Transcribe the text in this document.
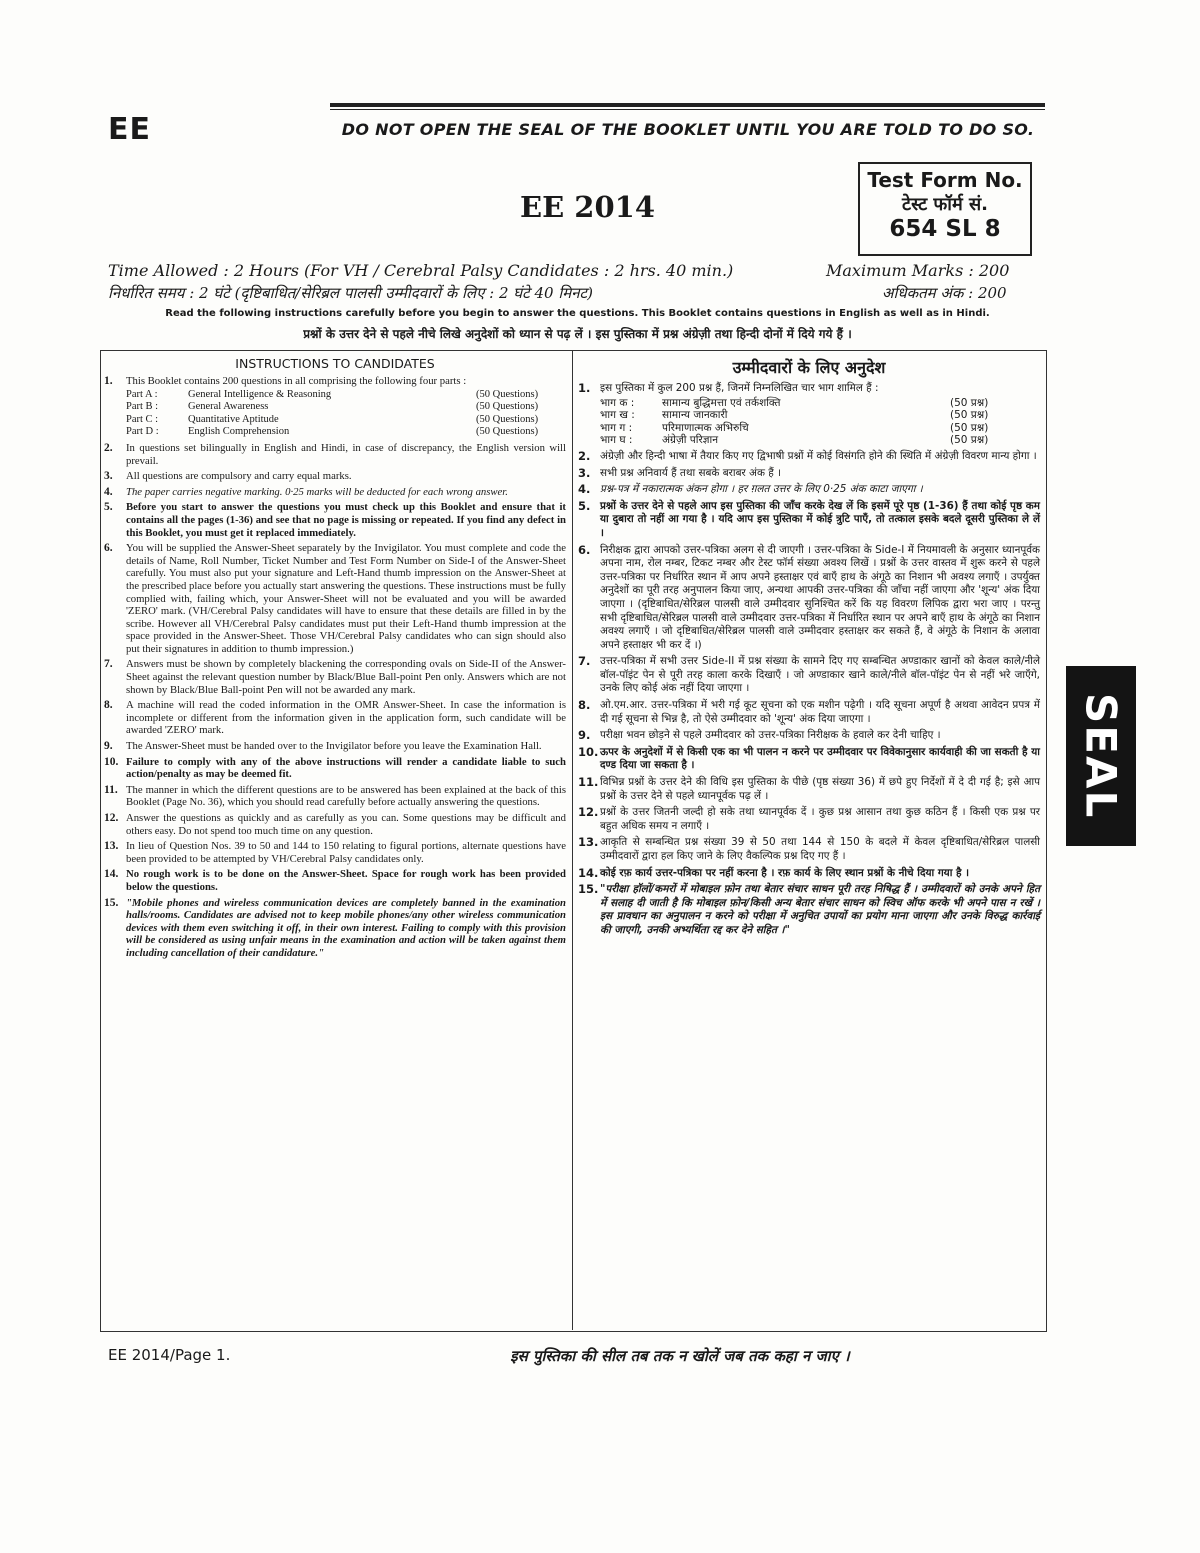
EE	DO NOT OPEN THE SEAL OF THE BOOKLET UNTIL YOU ARE TOLD TO DO SO.
EE 2014
Test Form No.
टेस्ट फॉर्म सं.
654 SL 8
Time Allowed : 2 Hours (For VH / Cerebral Palsy Candidates : 2 hrs. 40 min.)
निर्धारित समय : 2 घंटे (दृष्टिबाधित/सेरिब्रल पालसी उम्मीदवारों के लिए : 2 घंटे 40 मिनट)
Maximum Marks : 200
अधिकतम अंक : 200
Read the following instructions carefully before you begin to answer the questions. This Booklet contains questions in English as well as in Hindi.
प्रश्नों के उत्तर देने से पहले नीचे लिखे अनुदेशों को ध्यान से पढ़ लें । इस पुस्तिका में प्रश्न अंग्रेज़ी तथा हिन्दी दोनों में दिये गये हैं ।
INSTRUCTIONS TO CANDIDATES
1.	This Booklet contains 200 questions in all comprising the following four parts :
Part A :	General Intelligence & Reasoning	(50 Questions)
Part B :	General Awareness	(50 Questions)
Part C :	Quantitative Aptitude	(50 Questions)
Part D :	English Comprehension	(50 Questions)
2.	In questions set bilingually in English and Hindi, in case of discrepancy, the English version will prevail.
3.	All questions are compulsory and carry equal marks.
4.	The paper carries negative marking. 0·25 marks will be deducted for each wrong answer.
5.	Before you start to answer the questions you must check up this Booklet and ensure that it contains all the pages (1-36) and see that no page is missing or repeated. If you find any defect in this Booklet, you must get it replaced immediately.
6.	You will be supplied the Answer-Sheet separately by the Invigilator. You must complete and code the details of Name, Roll Number, Ticket Number and Test Form Number on Side-I of the Answer-Sheet carefully. You must also put your signature and Left-Hand thumb impression on the Answer-Sheet at the prescribed place before you actually start answering the questions. These instructions must be fully complied with, failing which, your Answer-Sheet will not be evaluated and you will be awarded 'ZERO' mark. (VH/Cerebral Palsy candidates will have to ensure that these details are filled in by the scribe. However all VH/Cerebral Palsy candidates must put their Left-Hand thumb impression at the space provided in the Answer-Sheet. Those VH/Cerebral Palsy candidates who can sign should also put their signatures in addition to thumb impression.)
7.	Answers must be shown by completely blackening the corresponding ovals on Side-II of the Answer-Sheet against the relevant question number by Black/Blue Ball-point Pen only. Answers which are not shown by Black/Blue Ball-point Pen will not be awarded any mark.
8.	A machine will read the coded information in the OMR Answer-Sheet. In case the information is incomplete or different from the information given in the application form, such candidate will be awarded 'ZERO' mark.
9.	The Answer-Sheet must be handed over to the Invigilator before you leave the Examination Hall.
10. Failure to comply with any of the above instructions will render a candidate liable to such action/penalty as may be deemed fit.
11. The manner in which the different questions are to be answered has been explained at the back of this Booklet (Page No. 36), which you should read carefully before actually answering the questions.
12. Answer the questions as quickly and as carefully as you can. Some questions may be difficult and others easy. Do not spend too much time on any question.
13. In lieu of Question Nos. 39 to 50 and 144 to 150 relating to figural portions, alternate questions have been provided to be attempted by VH/Cerebral Palsy candidates only.
14. No rough work is to be done on the Answer-Sheet. Space for rough work has been provided below the questions.
15. "Mobile phones and wireless communication devices are completely banned in the examination halls/rooms. Candidates are advised not to keep mobile phones/any other wireless communication devices with them even switching it off, in their own interest. Failing to comply with this provision will be considered as using unfair means in the examination and action will be taken against them including cancellation of their candidature."
उम्मीदवारों के लिए अनुदेश
1. इस पुस्तिका में कुल 200 प्रश्न हैं, जिनमें निम्नलिखित चार भाग शामिल हैं :
भाग क :	सामान्य बुद्धिमत्ता एवं तर्कशक्ति	(50 प्रश्न)
भाग ख :	सामान्य जानकारी	(50 प्रश्न)
भाग ग :	परिमाणात्मक अभिरुचि	(50 प्रश्न)
भाग घ :	अंग्रेज़ी परिज्ञान	(50 प्रश्न)
2. अंग्रेज़ी और हिन्दी भाषा में तैयार किए गए द्विभाषी प्रश्नों में कोई विसंगति होने की स्थिति में अंग्रेज़ी विवरण मान्य होगा ।
3. सभी प्रश्न अनिवार्य हैं तथा सबके बराबर अंक हैं ।
4. प्रश्न-पत्र में नकारात्मक अंकन होगा । हर ग़लत उत्तर के लिए 0·25 अंक काटा जाएगा ।
5. प्रश्नों के उत्तर देने से पहले आप इस पुस्तिका की जाँच करके देख लें कि इसमें पूरे पृष्ठ (1-36) हैं तथा कोई पृष्ठ कम या दुबारा तो नहीं आ गया है । यदि आप इस पुस्तिका में कोई त्रुटि पाएँ, तो तत्काल इसके बदले दूसरी पुस्तिका ले लें ।
6. निरीक्षक द्वारा आपको उत्तर-पत्रिका अलग से दी जाएगी । उत्तर-पत्रिका के Side-I में नियमावली के अनुसार ध्यानपूर्वक अपना नाम, रोल नम्बर, टिकट नम्बर और टेस्ट फॉर्म संख्या अवश्य लिखें । प्रश्नों के उत्तर वास्तव में शुरू करने से पहले उत्तर-पत्रिका पर निर्धारित स्थान में आप अपने हस्ताक्षर एवं बाएँ हाथ के अंगूठे का निशान भी अवश्य लगाएँ । उपर्युक्त अनुदेशों का पूरी तरह अनुपालन किया जाए, अन्यथा आपकी उत्तर-पत्रिका की जाँचा नहीं जाएगा और 'शून्य' अंक दिया जाएगा । (दृष्टिबाधित/सेरिब्रल पालसी वाले उम्मीदवार सुनिश्चित करें कि यह विवरण लिपिक द्वारा भरा जाए । परन्तु सभी दृष्टिबाधित/सेरिब्रल पालसी वाले उम्मीदवार उत्तर-पत्रिका में निर्धारित स्थान पर अपने बाएँ हाथ के अंगूठे का निशान अवश्य लगाएँ । जो दृष्टिबाधित/सेरिब्रल पालसी वाले उम्मीदवार हस्ताक्षर कर सकते हैं, वे अंगूठे के निशान के अलावा अपने हस्ताक्षर भी कर दें ।)
7. उत्तर-पत्रिका में सभी उत्तर Side-II में प्रश्न संख्या के सामने दिए गए सम्बन्धित अण्डाकार खानों को केवल काले/नीले बॉल-पॉइंट पेन से पूरी तरह काला करके दिखाएँ । जो अण्डाकार खाने काले/नीले बॉल-पॉइंट पेन से नहीं भरे जाएँगे, उनके लिए कोई अंक नहीं दिया जाएगा ।
8. ओ.एम.आर. उत्तर-पत्रिका में भरी गई कूट सूचना को एक मशीन पढ़ेगी । यदि सूचना अपूर्ण है अथवा आवेदन प्रपत्र में दी गई सूचना से भिन्न है, तो ऐसे उम्मीदवार को 'शून्य' अंक दिया जाएगा ।
9. परीक्षा भवन छोड़ने से पहले उम्मीदवार को उत्तर-पत्रिका निरीक्षक के हवाले कर देनी चाहिए ।
10. ऊपर के अनुदेशों में से किसी एक का भी पालन न करने पर उम्मीदवार पर विवेकानुसार कार्यवाही की जा सकती है या दण्ड दिया जा सकता है ।
11. विभिन्न प्रश्नों के उत्तर देने की विधि इस पुस्तिका के पीछे (पृष्ठ संख्या 36) में छपे हुए निर्देशों में दे दी गई है; इसे आप प्रश्नों के उत्तर देने से पहले ध्यानपूर्वक पढ़ लें ।
12. प्रश्नों के उत्तर जितनी जल्दी हो सके तथा ध्यानपूर्वक दें । कुछ प्रश्न आसान तथा कुछ कठिन हैं । किसी एक प्रश्न पर बहुत अधिक समय न लगाएँ ।
13. आकृति से सम्बन्धित प्रश्न संख्या 39 से 50 तथा 144 से 150 के बदले में केवल दृष्टिबाधित/सेरिब्रल पालसी उम्मीदवारों द्वारा हल किए जाने के लिए वैकल्पिक प्रश्न दिए गए हैं ।
14. कोई रफ़ कार्य उत्तर-पत्रिका पर नहीं करना है । रफ़ कार्य के लिए स्थान प्रश्नों के नीचे दिया गया है ।
15. "परीक्षा हॉलों/कमरों में मोबाइल फ़ोन तथा बेतार संचार साधन पूरी तरह निषिद्ध हैं । उम्मीदवारों को उनके अपने हित में सलाह दी जाती है कि मोबाइल फ़ोन/किसी अन्य बेतार संचार साधन को स्विच ऑफ करके भी अपने पास न रखें । इस प्रावधान का अनुपालन न करने को परीक्षा में अनुचित उपायों का प्रयोग माना जाएगा और उनके विरुद्ध कार्रवाई की जाएगी, उनकी अभ्यर्थिता रद्द कर देने सहित ।"
EE 2014/Page 1.	इस पुस्तिका की सील तब तक न खोलें जब तक कहा न जाए ।
SEAL
